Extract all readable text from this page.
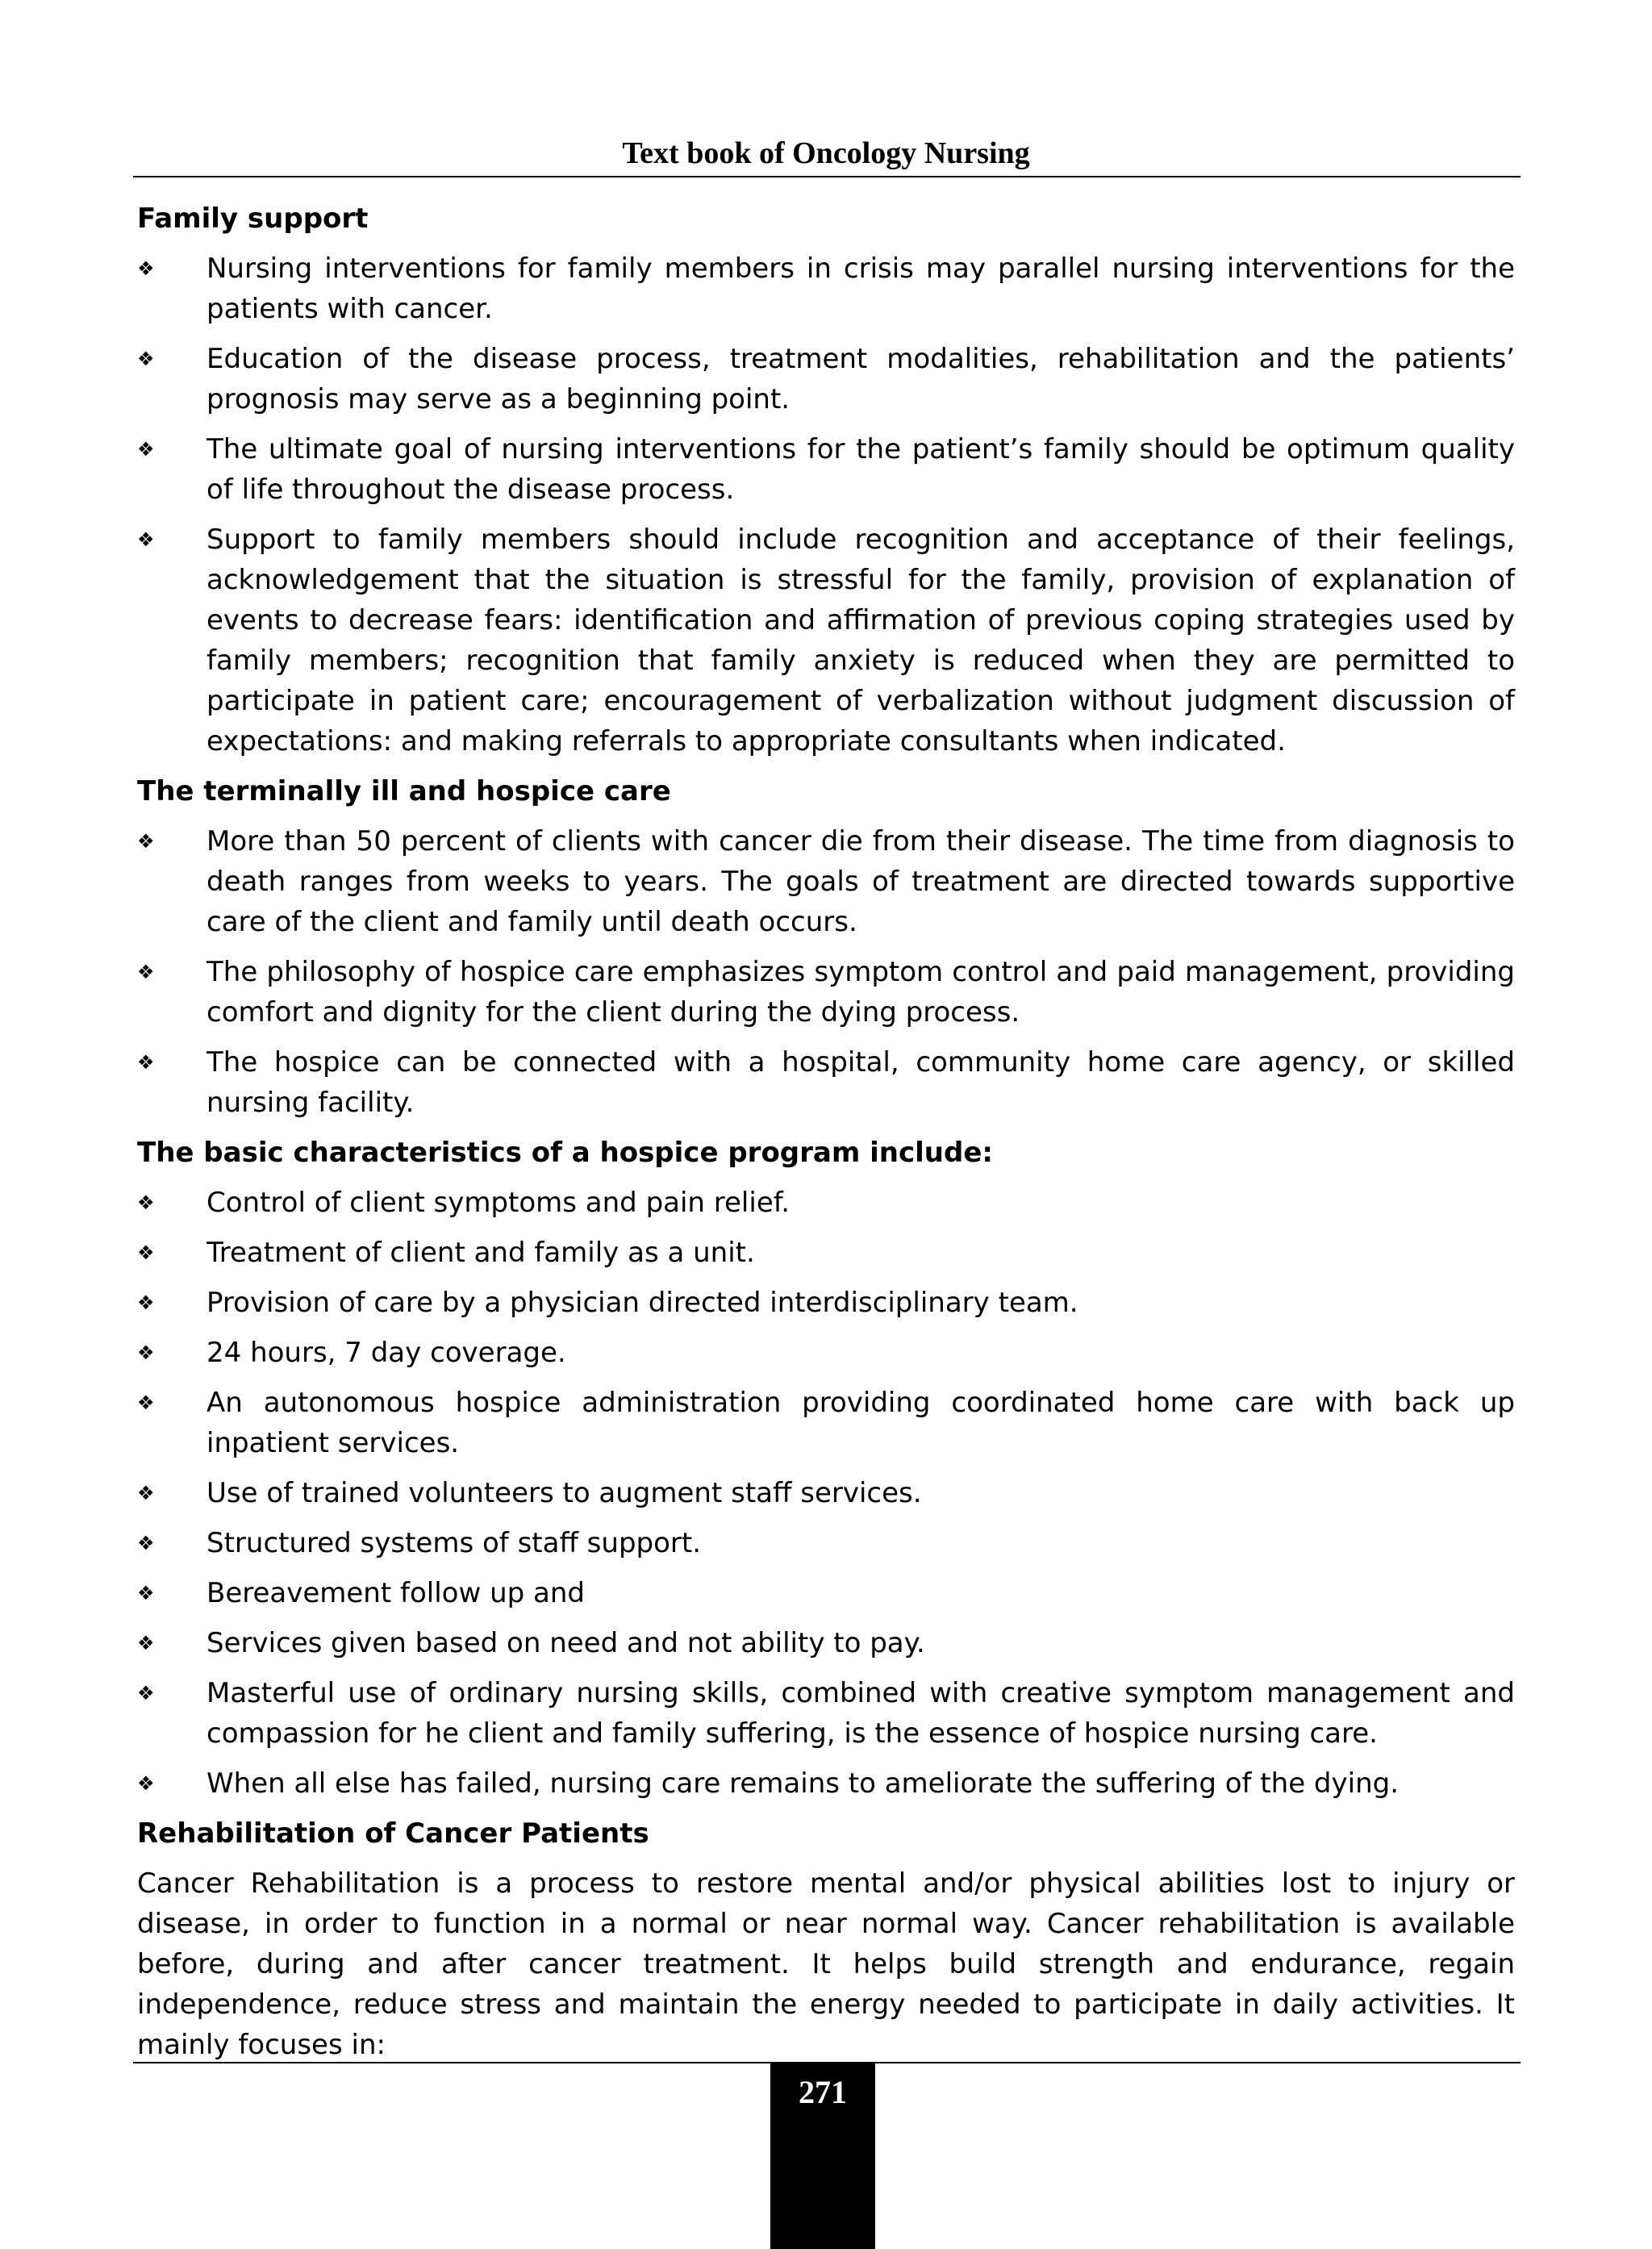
Text book of Oncology Nursing
Family support
❖	Nursing interventions for family members in crisis may parallel nursing interventions for the patients with cancer.
❖	Education of the disease process, treatment modalities, rehabilitation and the patients’ prognosis may serve as a beginning point.
❖	The ultimate goal of nursing interventions for the patient’s family should be optimum quality of life throughout the disease process.
❖	Support to family members should include recognition and acceptance of their feelings, acknowledgement that the situation is stressful for the family, provision of explanation of events to decrease fears: identification and affirmation of previous coping strategies used by family members; recognition that family anxiety is reduced when they are permitted to participate in patient care; encouragement of verbalization without judgment discussion of expectations: and making referrals to appropriate consultants when indicated.
The terminally ill and hospice care
❖	More than 50 percent of clients with cancer die from their disease. The time from diagnosis to death ranges from weeks to years. The goals of treatment are directed towards supportive care of the client and family until death occurs.
❖	The philosophy of hospice care emphasizes symptom control and paid management, providing comfort and dignity for the client during the dying process.
❖	The hospice can be connected with a hospital, community home care agency, or skilled nursing facility.
The basic characteristics of a hospice program include:
❖	Control of client symptoms and pain relief.
❖	Treatment of client and family as a unit.
❖	Provision of care by a physician directed interdisciplinary team.
❖	24 hours, 7 day coverage.
❖	An autonomous hospice administration providing coordinated home care with back up inpatient services.
❖	Use of trained volunteers to augment staff services.
❖	Structured systems of staff support.
❖	Bereavement follow up and
❖	Services given based on need and not ability to pay.
❖	Masterful use of ordinary nursing skills, combined with creative symptom management and compassion for he client and family suffering, is the essence of hospice nursing care.
❖	When all else has failed, nursing care remains to ameliorate the suffering of the dying.
Rehabilitation of Cancer Patients
Cancer Rehabilitation is a process to restore mental and/or physical abilities lost to injury or disease, in order to function in a normal or near normal way. Cancer rehabilitation is available before, during and after cancer treatment. It helps build strength and endurance, regain independence, reduce stress and maintain the energy needed to participate in daily activities. It mainly focuses in:
271
